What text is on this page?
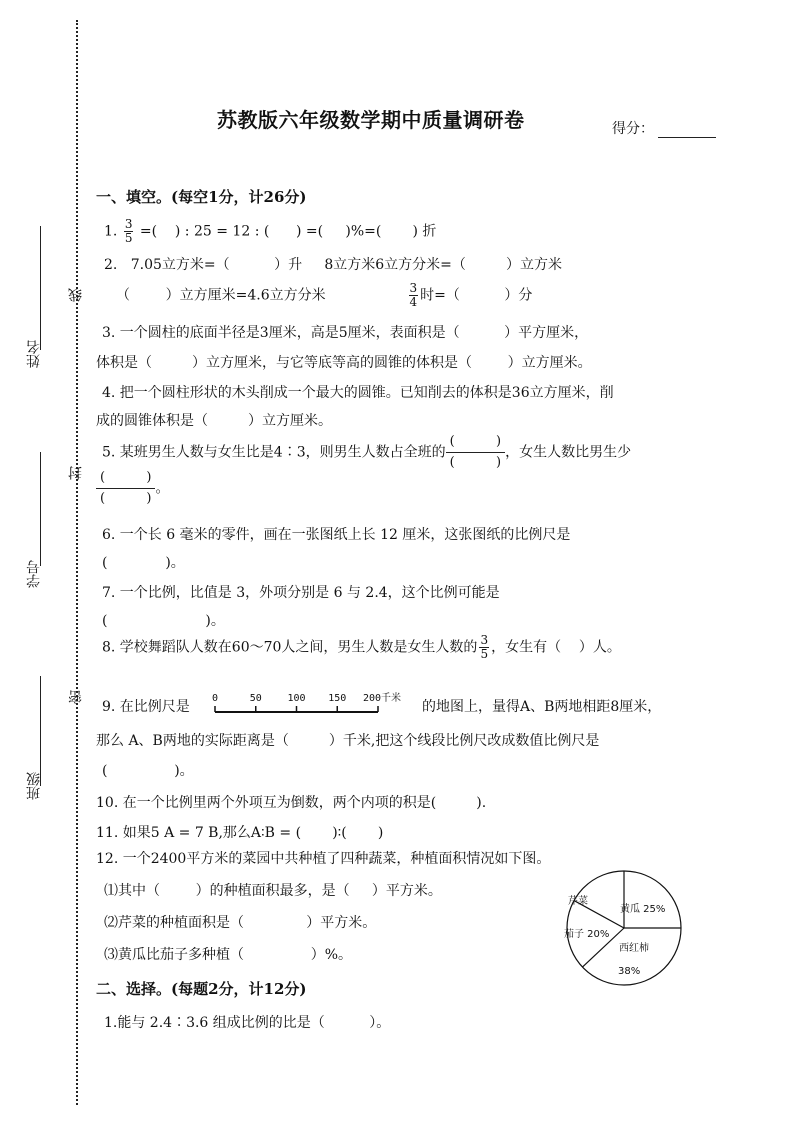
姓名
学号
班级
线
封
密
苏教版六年级数学期中质量调研卷	得分：
一、填空。(每空1分，计26分)
1. $\frac{3}{5}$ =(    ) : 25 = 12 : (      ) =(     )%=(       ) 折
2.   7.05立方米=（          ）升     8立方米6立方分米=（         ）立方米
（        ）立方厘米=4.6立方分米	$\frac{3}{4}$ 时=（          ）分
3. 一个圆柱的底面半径是3厘米，高是5厘米，表面积是（          ）平方厘米，
体积是（         ）立方厘米，与它等底等高的圆锥的体积是（        ）立方厘米。
4. 把一个圆柱形状的木头削成一个最大的圆锥。已知削去的体积是36立方厘米，削
成的圆锥体积是（         ）立方厘米。
5. 某班男生人数与女生比是4∶3，则男生人数占全班的
(          )
(          )
，女生人数比男生少
(          )
(          )
。
6. 一个长 6 毫米的零件，画在一张图纸上长 12 厘米，这张图纸的比例尺是
(             )。
7. 一个比例，比值是 3，外项分别是 6 与 2.4，这个比例可能是
(                      )。
8. 学校舞蹈队人数在60～70人之间，男生人数是女生人数的 $\frac{3}{5}$ ，女生有（    ）人。
9. 在比例尺是
0	50	100 150 200千米
的地图上，量得A、B两地相距8厘米，
那么 A、B两地的实际距离是（         ）千米,把这个线段比例尺改成数值比例尺是
(               )。
10. 在一个比例里两个外项互为倒数，两个内项的积是(         ).
11. 如果5 A = 7 B,那么A∶B = (       )∶(       )
12. 一个2400平方米的菜园中共种植了四种蔬菜，种植面积情况如下图。
⑴其中（        ）的种植面积最多，是（     ）平方米。
⑵芹菜的种植面积是（              ）平方米。
⑶黄瓜比茄子多种植（               ）%。
黄瓜 25%
西红柿
38%
茄子 20%
芹菜
二、选择。(每题2分，计12分)
1.能与 2.4∶3.6 组成比例的比是（          ）。
